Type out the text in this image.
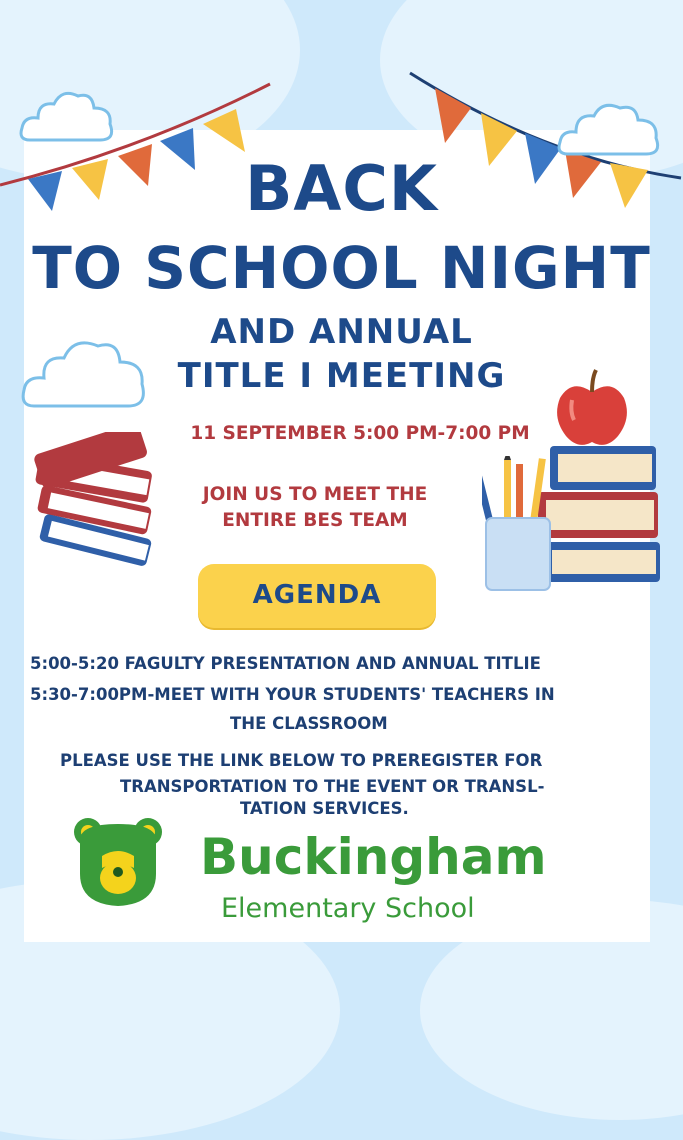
BACK
TO SCHOOL NIGHT
AND ANNUAL
TITLE I MEETING
11 SEPTEMBER 5:00 PM-7:00 PM
JOIN US TO MEET THE
ENTIRE BES TEAM
AGENDA
5:00-5:20 FAGULTY PRESENTATION AND ANNUAL TITLIE
5:30-7:00PM-MEET WITH YOUR STUDENTS' TEACHERS IN
THE CLASSROOM
PLEASE USE THE LINK BELOW TO PREREGISTER FOR
TRANSPORTATION TO THE EVENT OR TRANSL-
TATION SERVICES.
Buckingham
Elementary School
